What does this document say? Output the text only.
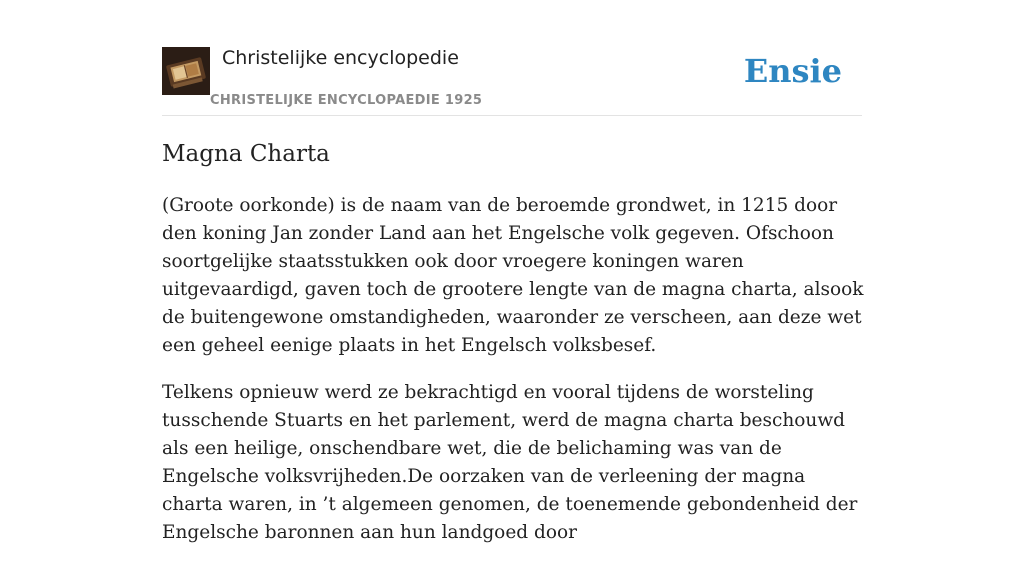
Christelijke encyclopedie
CHRISTELIJKE ENCYCLOPAEDIE 1925
Ensie
Magna Charta

(Groote oorkonde) is de naam van de beroemde grondwet, in 1215 door den koning Jan zonder Land aan het Engelsche volk gegeven. Ofschoon soortgelijke staatsstukken ook door vroegere koningen waren uitgevaardigd, gaven toch de grootere lengte van de magna charta, alsook de buitengewone omstandigheden, waaronder ze verscheen, aan deze wet een geheel eenige plaats in het Engelsch volksbesef.

Telkens opnieuw werd ze bekrachtigd en vooral tijdens de worsteling tusschende Stuarts en het parlement, werd de magna charta beschouwd als een heilige, onschendbare wet, die de belichaming was van de Engelsche volksvrijheden.De oorzaken van de verleening der magna charta waren, in ’t algemeen genomen, de toenemende gebondenheid der Engelsche baronnen aan hun landgoed door
